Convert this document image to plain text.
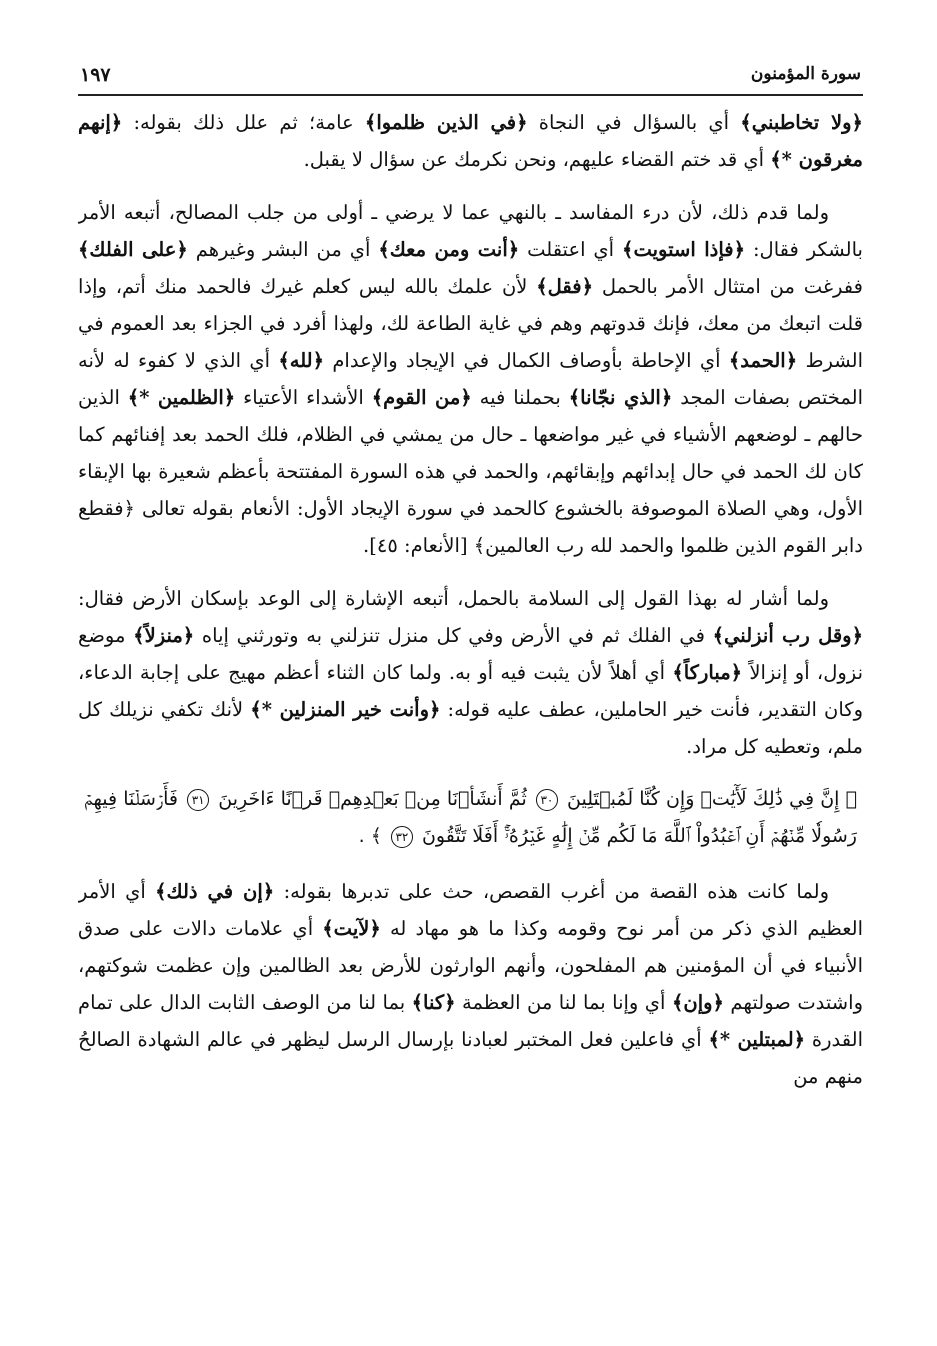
١٩٧	سورة المؤمنون

﴿ولا تخاطبني﴾ أي بالسؤال في النجاة ﴿في الذين ظلموا﴾ عامة؛ ثم علل ذلك بقوله: ﴿إنهم مغرقون *﴾ أي قد ختم القضاء عليهم، ونحن نكرمك عن سؤال لا يقبل.

ولما قدم ذلك، لأن درء المفاسد ـ بالنهي عما لا يرضي ـ أولى من جلب المصالح، أتبعه الأمر بالشكر فقال: ﴿فإذا استويت﴾ أي اعتقلت ﴿أنت ومن معك﴾ أي من البشر وغيرهم ﴿على الفلك﴾ ففرغت من امتثال الأمر بالحمل ﴿فقل﴾ لأن علمك بالله ليس كعلم غيرك فالحمد منك أتم، وإذا قلت اتبعك من معك، فإنك قدوتهم وهم في غاية الطاعة لك، ولهذا أفرد في الجزاء بعد العموم في الشرط ﴿الحمد﴾ أي الإحاطة بأوصاف الكمال في الإيجاد والإعدام ﴿لله﴾ أي الذي لا كفوء له لأنه المختص بصفات المجد ﴿الذي نجّانا﴾ بحملنا فيه ﴿من القوم﴾ الأشداء الأعتياء ﴿الظلمين *﴾ الذين حالهم ـ لوضعهم الأشياء في غير مواضعها ـ حال من يمشي في الظلام، فلك الحمد بعد إفنائهم كما كان لك الحمد في حال إبدائهم وإبقائهم، والحمد في هذه السورة المفتتحة بأعظم شعيرة بها الإبقاء الأول، وهي الصلاة الموصوفة بالخشوع كالحمد في سورة الإيجاد الأول: الأنعام بقوله تعالى ﴿فقطع دابر القوم الذين ظلموا والحمد لله رب العالمين﴾ [الأنعام: ٤٥].

ولما أشار له بهذا القول إلى السلامة بالحمل، أتبعه الإشارة إلى الوعد بإسكان الأرض فقال: ﴿وقل رب أنزلني﴾ في الفلك ثم في الأرض وفي كل منزل تنزلني به وتورثني إياه ﴿منزلاً﴾ موضع نزول، أو إنزالاً ﴿مباركاً﴾ أي أهلاً لأن يثبت فيه أو به. ولما كان الثناء أعظم مهيج على إجابة الدعاء، وكان التقدير، فأنت خير الحاملين، عطف عليه قوله: ﴿وأنت خير المنزلين *﴾ لأنك تكفي نزيلك كل ملم، وتعطيه كل مراد.

﴿ إِنَّ فِي ذَٰلِكَ لَأٓيَٰتٖ وَإِن كُنَّا لَمُبۡتَلِينَ ٣٠ ثُمَّ أَنشَأۡنَا مِنۢ بَعۡدِهِمۡ قَرۡنًا ءَاخَرِينَ ٣١ فَأَرۡسَلۡنَا فِيهِمۡ رَسُولٗا مِّنۡهُمۡ أَنِ ٱعۡبُدُواْ ٱللَّهَ مَا لَكُم مِّنۡ إِلَٰهٍ غَيۡرُهُۥٓۚ أَفَلَا تَتَّقُونَ ٣٢ ﴾ .

ولما كانت هذه القصة من أغرب القصص، حث على تدبرها بقوله: ﴿إن في ذلك﴾ أي الأمر العظيم الذي ذكر من أمر نوح وقومه وكذا ما هو مهاد له ﴿لآيت﴾ أي علامات دالات على صدق الأنبياء في أن المؤمنين هم المفلحون، وأنهم الوارثون للأرض بعد الظالمين وإن عظمت شوكتهم، واشتدت صولتهم ﴿وإن﴾ أي وإنا بما لنا من العظمة ﴿كنا﴾ بما لنا من الوصف الثابت الدال على تمام القدرة ﴿لمبتلين *﴾ أي فاعلين فعل المختبر لعبادنا بإرسال الرسل ليظهر في عالم الشهادة الصالحُ منهم من
